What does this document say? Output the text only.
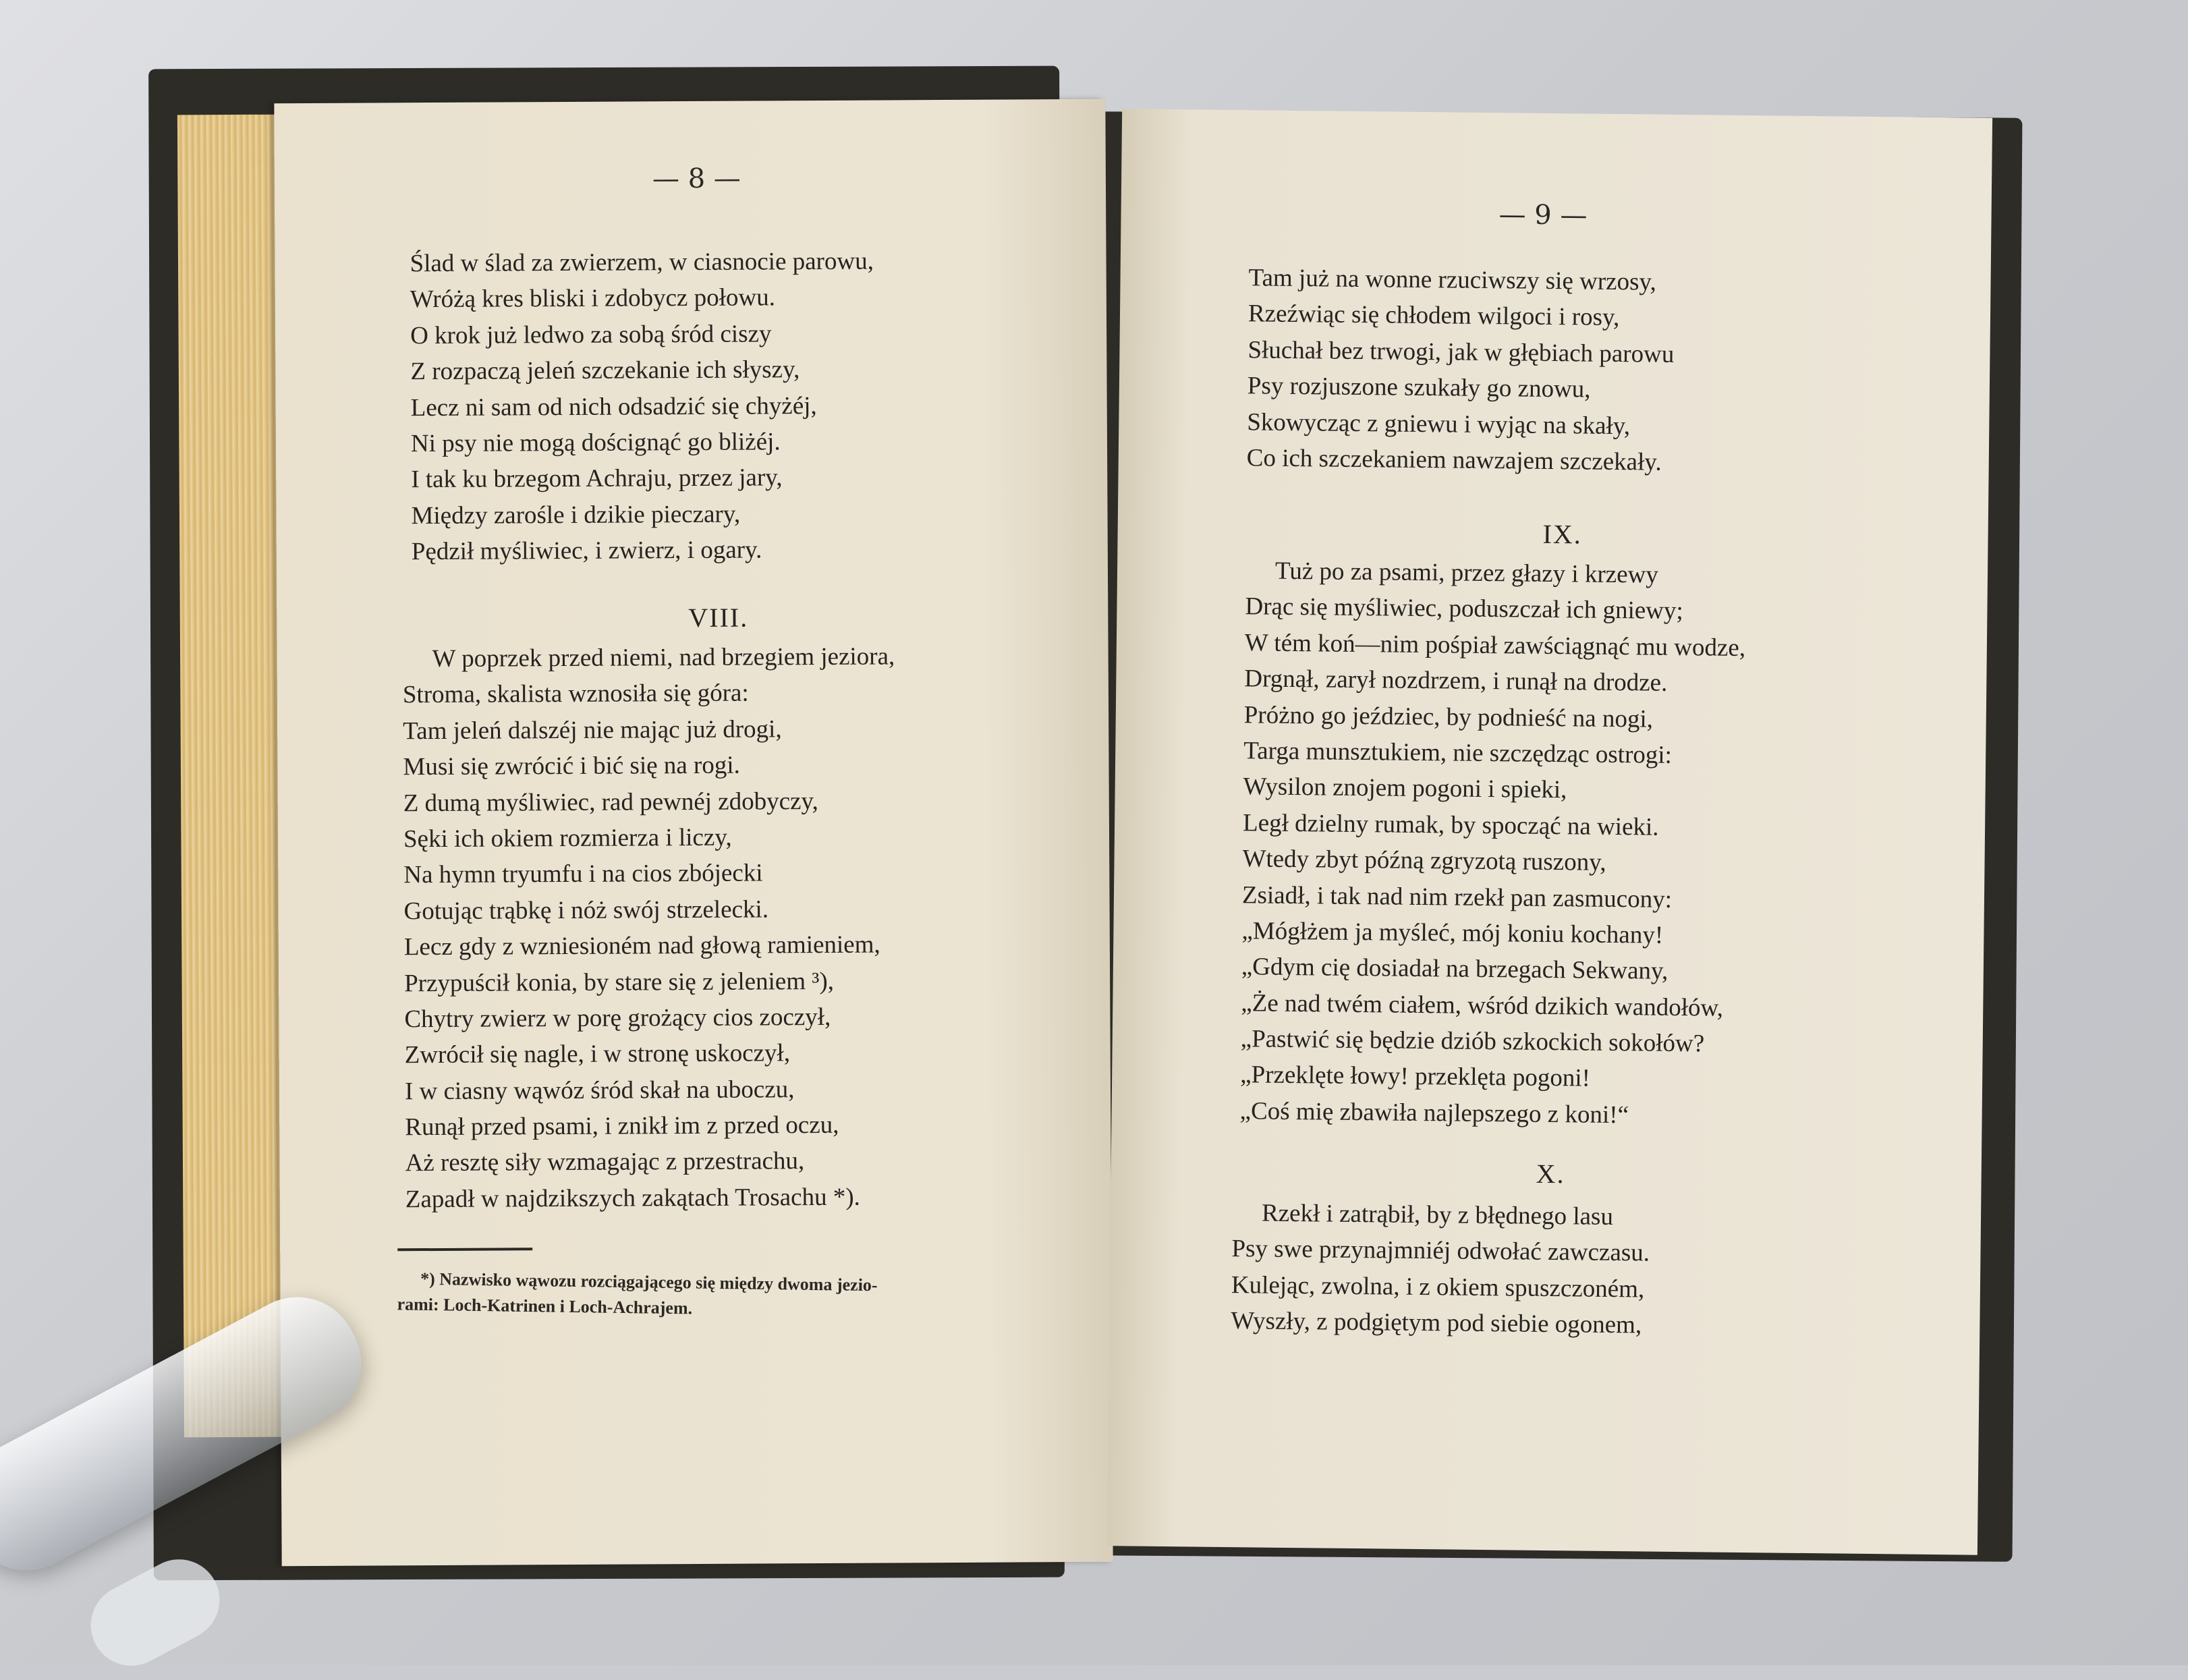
— 8 —
Ślad w ślad za zwierzem, w ciasnocie parowu,
Wróżą kres bliski i zdobycz połowu.
O krok już ledwo za sobą śród ciszy
Z rozpaczą jeleń szczekanie ich słyszy,
Lecz ni sam od nich odsadzić się chyżéj,
Ni psy nie mogą doścignąć go bliżéj.
I tak ku brzegom Achraju, przez jary,
Między zarośle i dzikie pieczary,
Pędził myśliwiec, i zwierz, i ogary.
VIII.
W poprzek przed niemi, nad brzegiem jeziora,
Stroma, skalista wznosiła się góra:
Tam jeleń dalszéj nie mając już drogi,
Musi się zwrócić i bić się na rogi.
Z dumą myśliwiec, rad pewnéj zdobyczy,
Sęki ich okiem rozmierza i liczy,
Na hymn tryumfu i na cios zbójecki
Gotując trąbkę i nóż swój strzelecki.
Lecz gdy z wzniesioném nad głową ramieniem,
Przypuścił konia, by stare się z jeleniem ³),
Chytry zwierz w porę grożący cios zoczył,
Zwrócił się nagle, i w stronę uskoczył,
I w ciasny wąwóz śród skał na uboczu,
Runął przed psami, i znikł im z przed oczu,
Aż resztę siły wzmagając z przestrachu,
Zapadł w najdzikszych zakątach Trosachu *).
*) Nazwisko wąwozu rozciągającego się między dwoma jezio-
rami: Loch-Katrinen i Loch-Achrajem.
— 9 —
Tam już na wonne rzuciwszy się wrzosy,
Rzeźwiąc się chłodem wilgoci i rosy,
Słuchał bez trwogi, jak w głębiach parowu
Psy rozjuszone szukały go znowu,
Skowycząc z gniewu i wyjąc na skały,
Co ich szczekaniem nawzajem szczekały.
IX.
Tuż po za psami, przez głazy i krzewy
Drąc się myśliwiec, poduszczał ich gniewy;
W tém koń—nim pośpiał zawściągnąć mu wodze,
Drgnął, zarył nozdrzem, i runął na drodze.
Próżno go jeździec, by podnieść na nogi,
Targa munsztukiem, nie szczędząc ostrogi:
Wysilon znojem pogoni i spieki,
Legł dzielny rumak, by spocząć na wieki.
Wtedy zbyt późną zgryzotą ruszony,
Zsiadł, i tak nad nim rzekł pan zasmucony:
„Mógłżem ja myśleć, mój koniu kochany!
„Gdym cię dosiadał na brzegach Sekwany,
„Że nad twém ciałem, wśród dzikich wandołów,
„Pastwić się będzie dziób szkockich sokołów?
„Przeklęte łowy! przeklęta pogoni!
„Coś mię zbawiła najlepszego z koni!“
X.
Rzekł i zatrąbił, by z błędnego lasu
Psy swe przynajmniéj odwołać zawczasu.
Kulejąc, zwolna, i z okiem spuszczoném,
Wyszły, z podgiętym pod siebie ogonem,
